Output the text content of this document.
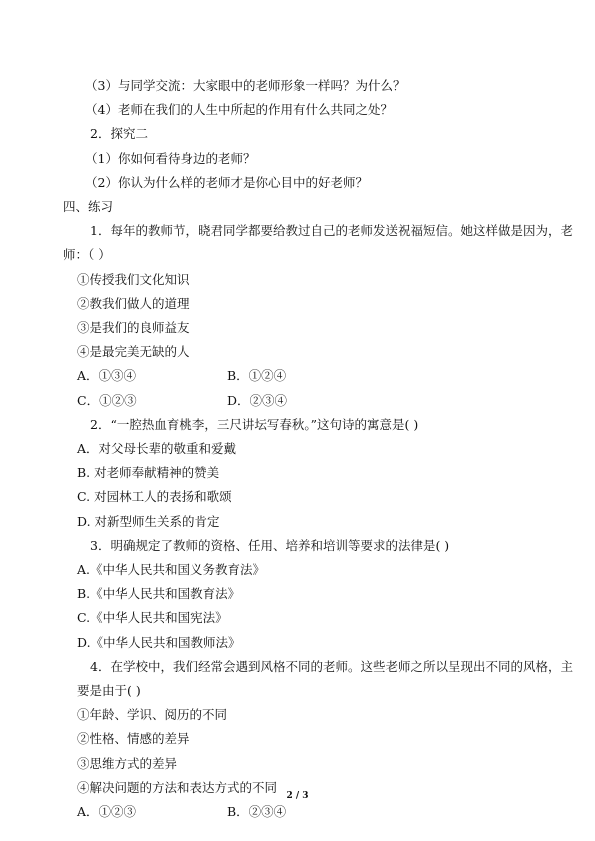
（3）与同学交流：大家眼中的老师形象一样吗？为什么？
（4）老师在我们的人生中所起的作用有什么共同之处？
2．探究二
（1）你如何看待身边的老师？
（2）你认为什么样的老师才是你心目中的好老师？
四、练习
1．每年的教师节，晓君同学都要给教过自己的老师发送祝福短信。她这样做是因为，老
师：（ ）
①传授我们文化知识
②教我们做人的道理
③是我们的良师益友
④是最完美无缺的人
A．①③④	B．①②④
C．①②③	D．②③④
2．“一腔热血育桃李，三尺讲坛写春秋。”这句诗的寓意是( )
A．对父母长辈的敬重和爱戴
B. 对老师奉献精神的赞美
C. 对园林工人的表扬和歌颂
D. 对新型师生关系的肯定
3．明确规定了教师的资格、任用、培养和培训等要求的法律是( )
A.《中华人民共和国义务教育法》
B.《中华人民共和国教育法》
C.《中华人民共和国宪法》
D.《中华人民共和国教师法》
4．在学校中，我们经常会遇到风格不同的老师。这些老师之所以呈现出不同的风格，主
要是由于( )
①年龄、学识、阅历的不同
②性格、情感的差异
2 / 3
③思维方式的差异
④解决问题的方法和表达方式的不同
A．①②③	B．②③④
